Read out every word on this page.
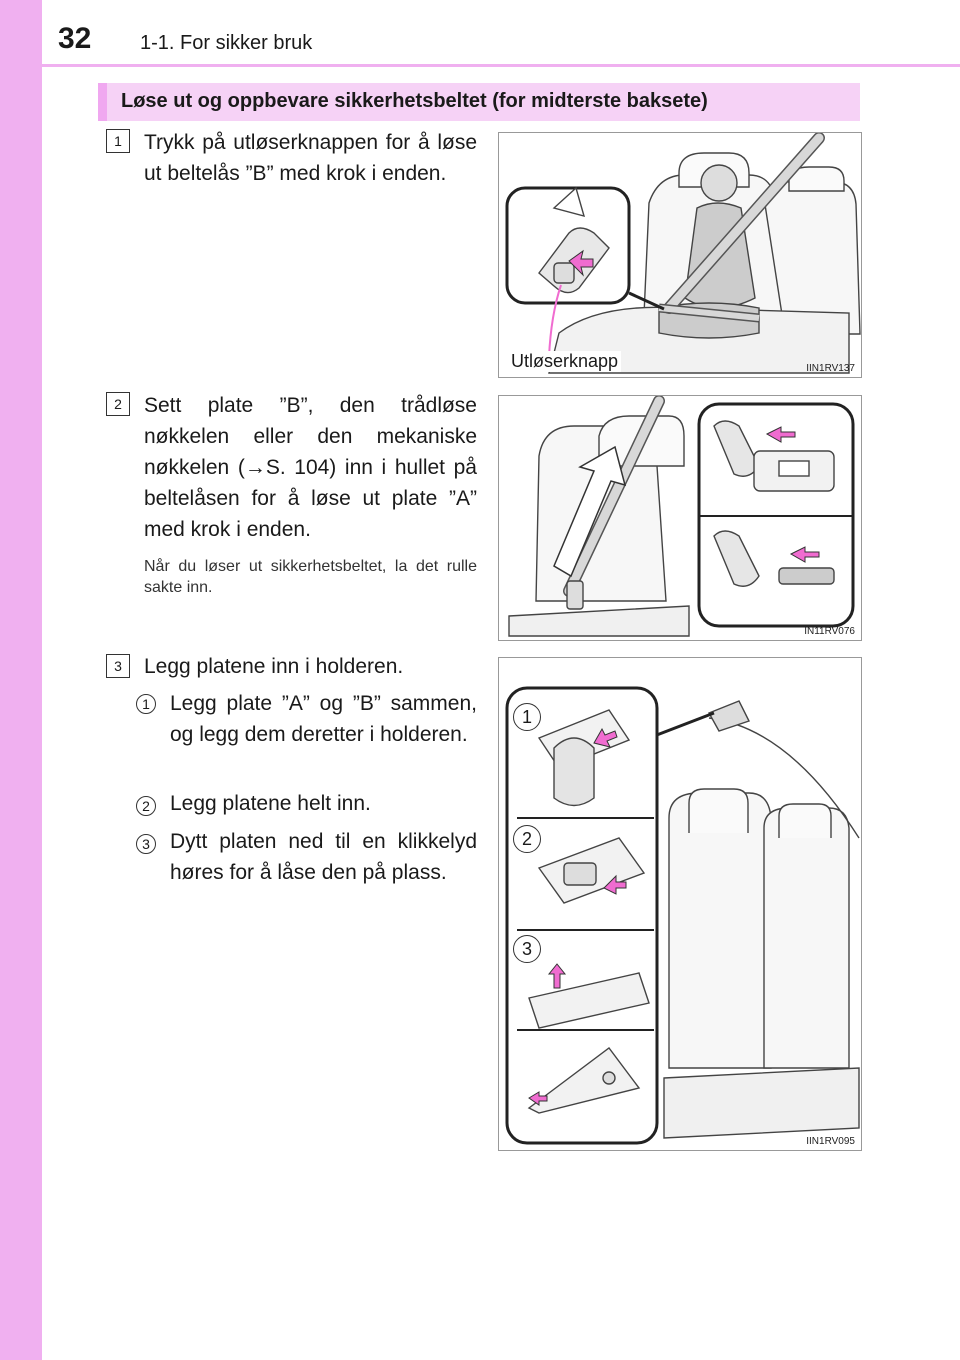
32 1-1. For sikker bruk
Løse ut og oppbevare sikkerhetsbeltet (for midterste baksete)
1	Trykk på utløserknappen for å løse ut beltelås ”B” med krok i enden.
Utløserknapp	IIN1RV137
2	Sett plate ”B”, den trådløse nøkkelen eller den mekaniske nøkkelen (→S. 104) inn i hullet på beltelåsen for å løse ut plate ”A” med krok i enden.
Når du løser ut sikkerhetsbeltet, la det rulle sakte inn.
IN11RV076
3	Legg platene inn i holderen.
1 Legg plate ”A” og ”B” sammen, og legg dem deretter i holderen.
2 Legg platene helt inn.
3 Dytt platen ned til en klikkelyd høres for å låse den på plass.
1
2
3
IIN1RV095
